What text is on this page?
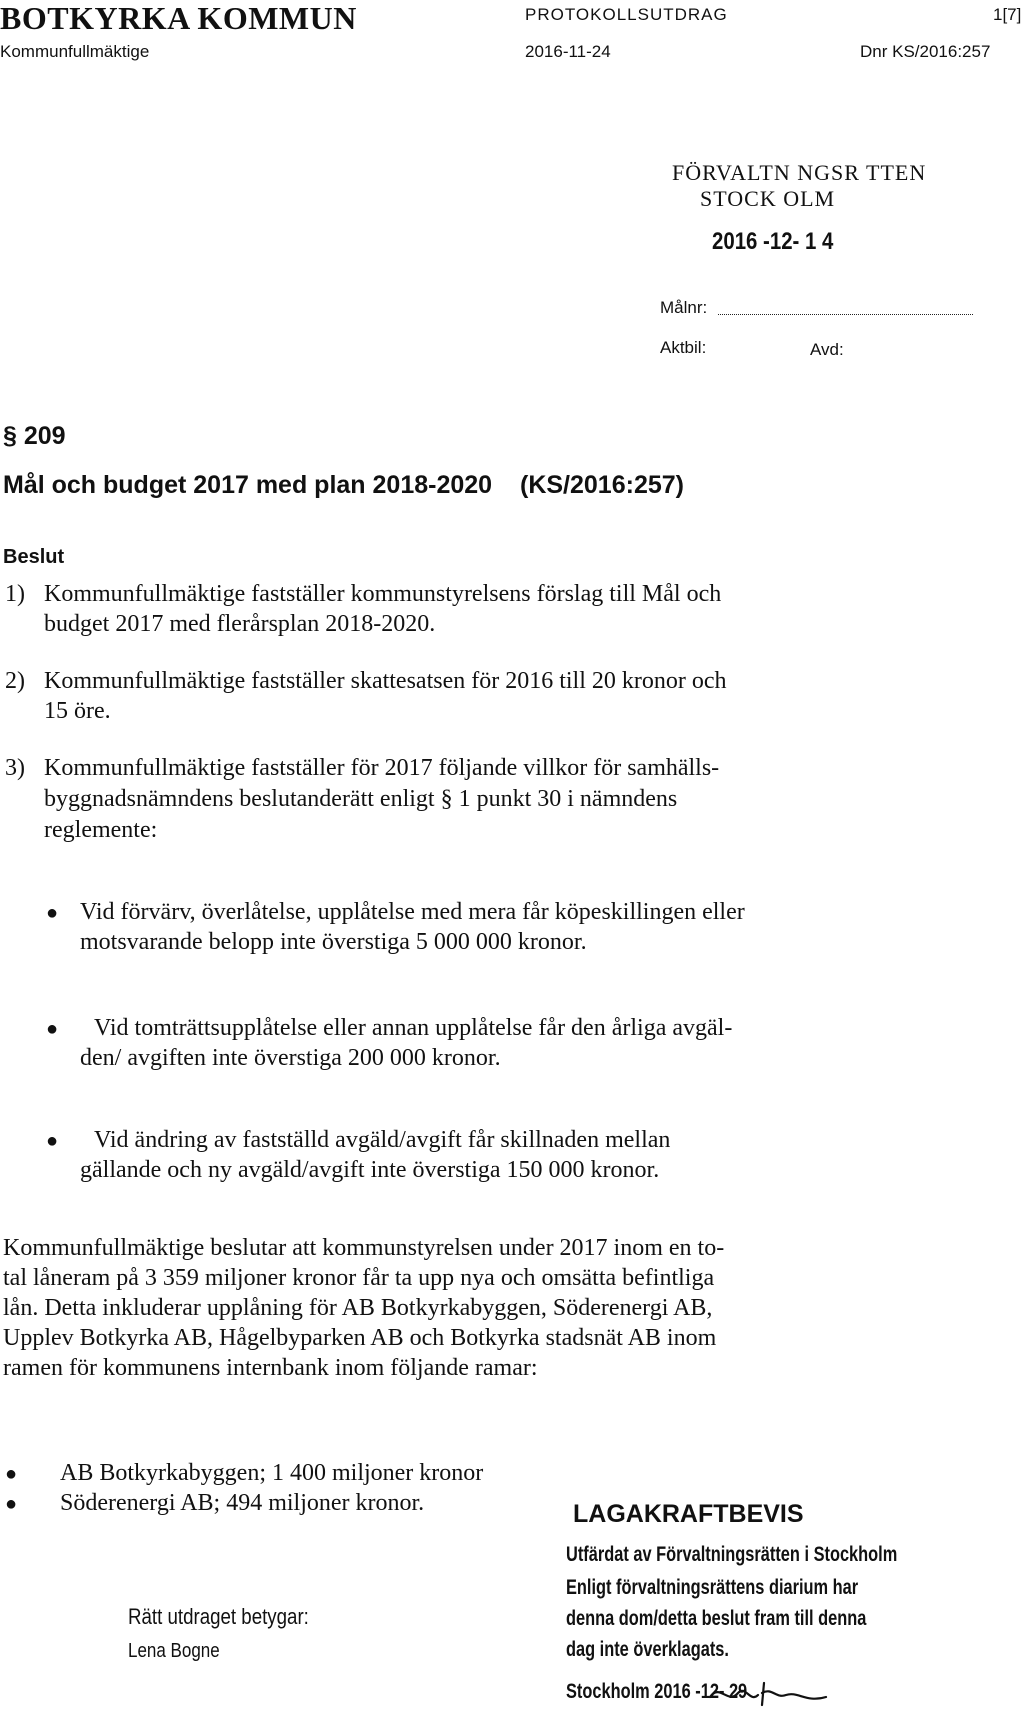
BOTKYRKA KOMMUN
Kommunfullmäktige
PROTOKOLLSUTDRAG	1[7]
2016-11-24	Dnr KS/2016:257
FÖRVALTN NGSR TTEN
STOCK OLM
2016 -12- 1 4
Målnr:
Aktbil:	Avd:
§ 209
Mål och budget 2017 med plan 2018-2020 (KS/2016:257)
Beslut
1) Kommunfullmäktige fastställer kommunstyrelsens förslag till Mål och
budget 2017 med flerårsplan 2018-2020.
2) Kommunfullmäktige fastställer skattesatsen för 2016 till 20 kronor och
15 öre.
3) Kommunfullmäktige fastställer för 2017 följande villkor för samhälls-
byggnadsnämndens beslutanderätt enligt § 1 punkt 30 i nämndens
reglemente:
● Vid förvärv, överlåtelse, upplåtelse med mera får köpeskillingen eller
motsvarande belopp inte överstiga 5 000 000 kronor.
● Vid tomträttsupplåtelse eller annan upplåtelse får den årliga avgäl-
den/ avgiften inte överstiga 200 000 kronor.
● Vid ändring av fastställd avgäld/avgift får skillnaden mellan
gällande och ny avgäld/avgift inte överstiga 150 000 kronor.
Kommunfullmäktige beslutar att kommunstyrelsen under 2017 inom en to-
tal låneram på 3 359 miljoner kronor får ta upp nya och omsätta befintliga
lån. Detta inkluderar upplåning för AB Botkyrkabyggen, Söderenergi AB,
Upplev Botkyrka AB, Hågelbyparken AB och Botkyrka stadsnät AB inom
ramen för kommunens internbank inom följande ramar:
● AB Botkyrkabyggen; 1 400 miljoner kronor
● Söderenergi AB; 494 miljoner kronor.	LAGAKRAFTBEVIS
Utfärdat av Förvaltningsrätten i Stockholm
Enligt förvaltningsrättens diarium har
denna dom/detta beslut fram till denna
dag inte överklagats.
Stockholm 2016 -12- 29
Rätt utdraget betygar:
Lena Bogne
